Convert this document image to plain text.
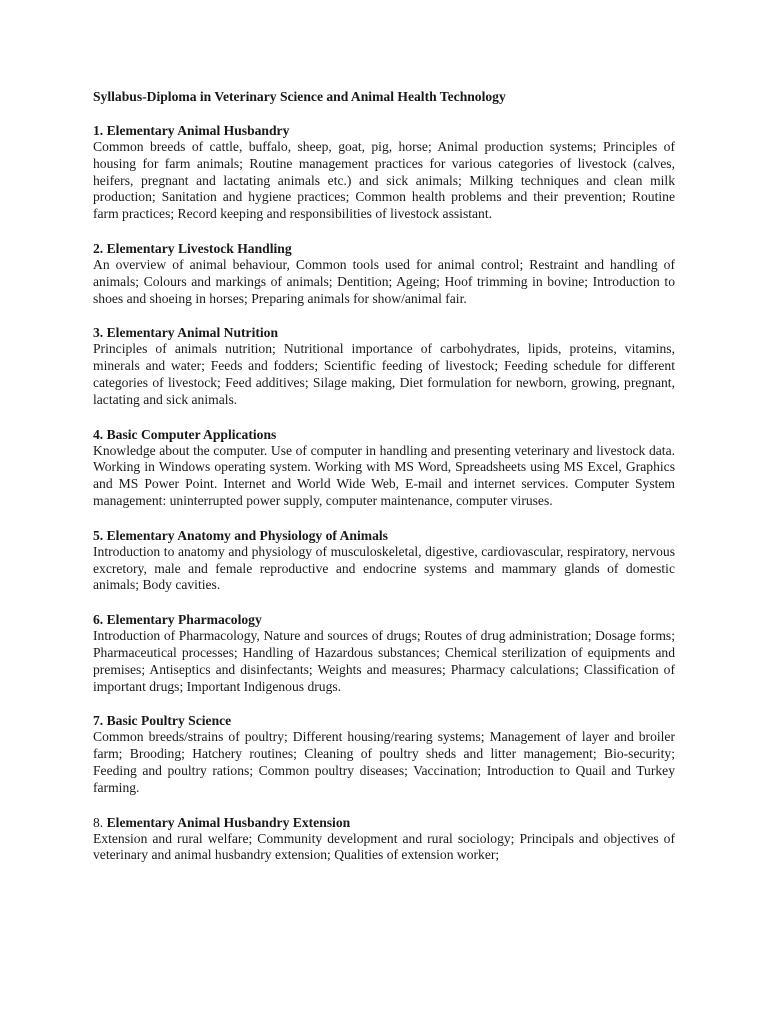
Syllabus-Diploma in Veterinary Science and Animal Health Technology
1. Elementary Animal Husbandry
Common breeds of cattle, buffalo, sheep, goat, pig, horse; Animal production systems; Principles of housing for farm animals; Routine management practices for various categories of livestock (calves, heifers, pregnant and lactating animals etc.) and sick animals; Milking techniques and clean milk production; Sanitation and hygiene practices; Common health problems and their prevention; Routine farm practices; Record keeping and responsibilities of livestock assistant.
2. Elementary Livestock Handling
An overview of animal behaviour, Common tools used for animal control; Restraint and handling of animals; Colours and markings of animals; Dentition; Ageing; Hoof trimming in bovine; Introduction to shoes and shoeing in horses; Preparing animals for show/animal fair.
3. Elementary Animal Nutrition
Principles of animals nutrition; Nutritional importance of carbohydrates, lipids, proteins, vitamins, minerals and water; Feeds and fodders; Scientific feeding of livestock; Feeding schedule for different categories of livestock; Feed additives; Silage making, Diet formulation for newborn, growing, pregnant, lactating and sick animals.
4. Basic Computer Applications
Knowledge about the computer. Use of computer in handling and presenting veterinary and livestock data. Working in Windows operating system. Working with MS Word, Spreadsheets using MS Excel, Graphics and MS Power Point. Internet and World Wide Web, E-mail and internet services. Computer System management: uninterrupted power supply, computer maintenance, computer viruses.
5. Elementary Anatomy and Physiology of Animals
Introduction to anatomy and physiology of musculoskeletal, digestive, cardiovascular, respiratory, nervous excretory, male and female reproductive and endocrine systems and mammary glands of domestic animals; Body cavities.
6. Elementary Pharmacology
Introduction of Pharmacology, Nature and sources of drugs; Routes of drug administration; Dosage forms; Pharmaceutical processes; Handling of Hazardous substances; Chemical sterilization of equipments and premises; Antiseptics and disinfectants; Weights and measures; Pharmacy calculations; Classification of important drugs; Important Indigenous drugs.
7. Basic Poultry Science
Common breeds/strains of poultry; Different housing/rearing systems; Management of layer and broiler farm; Brooding; Hatchery routines; Cleaning of poultry sheds and litter management; Bio-security; Feeding and poultry rations; Common poultry diseases; Vaccination; Introduction to Quail and Turkey farming.
8. Elementary Animal Husbandry Extension
Extension and rural welfare; Community development and rural sociology; Principals and objectives of veterinary and animal husbandry extension; Qualities of extension worker;
